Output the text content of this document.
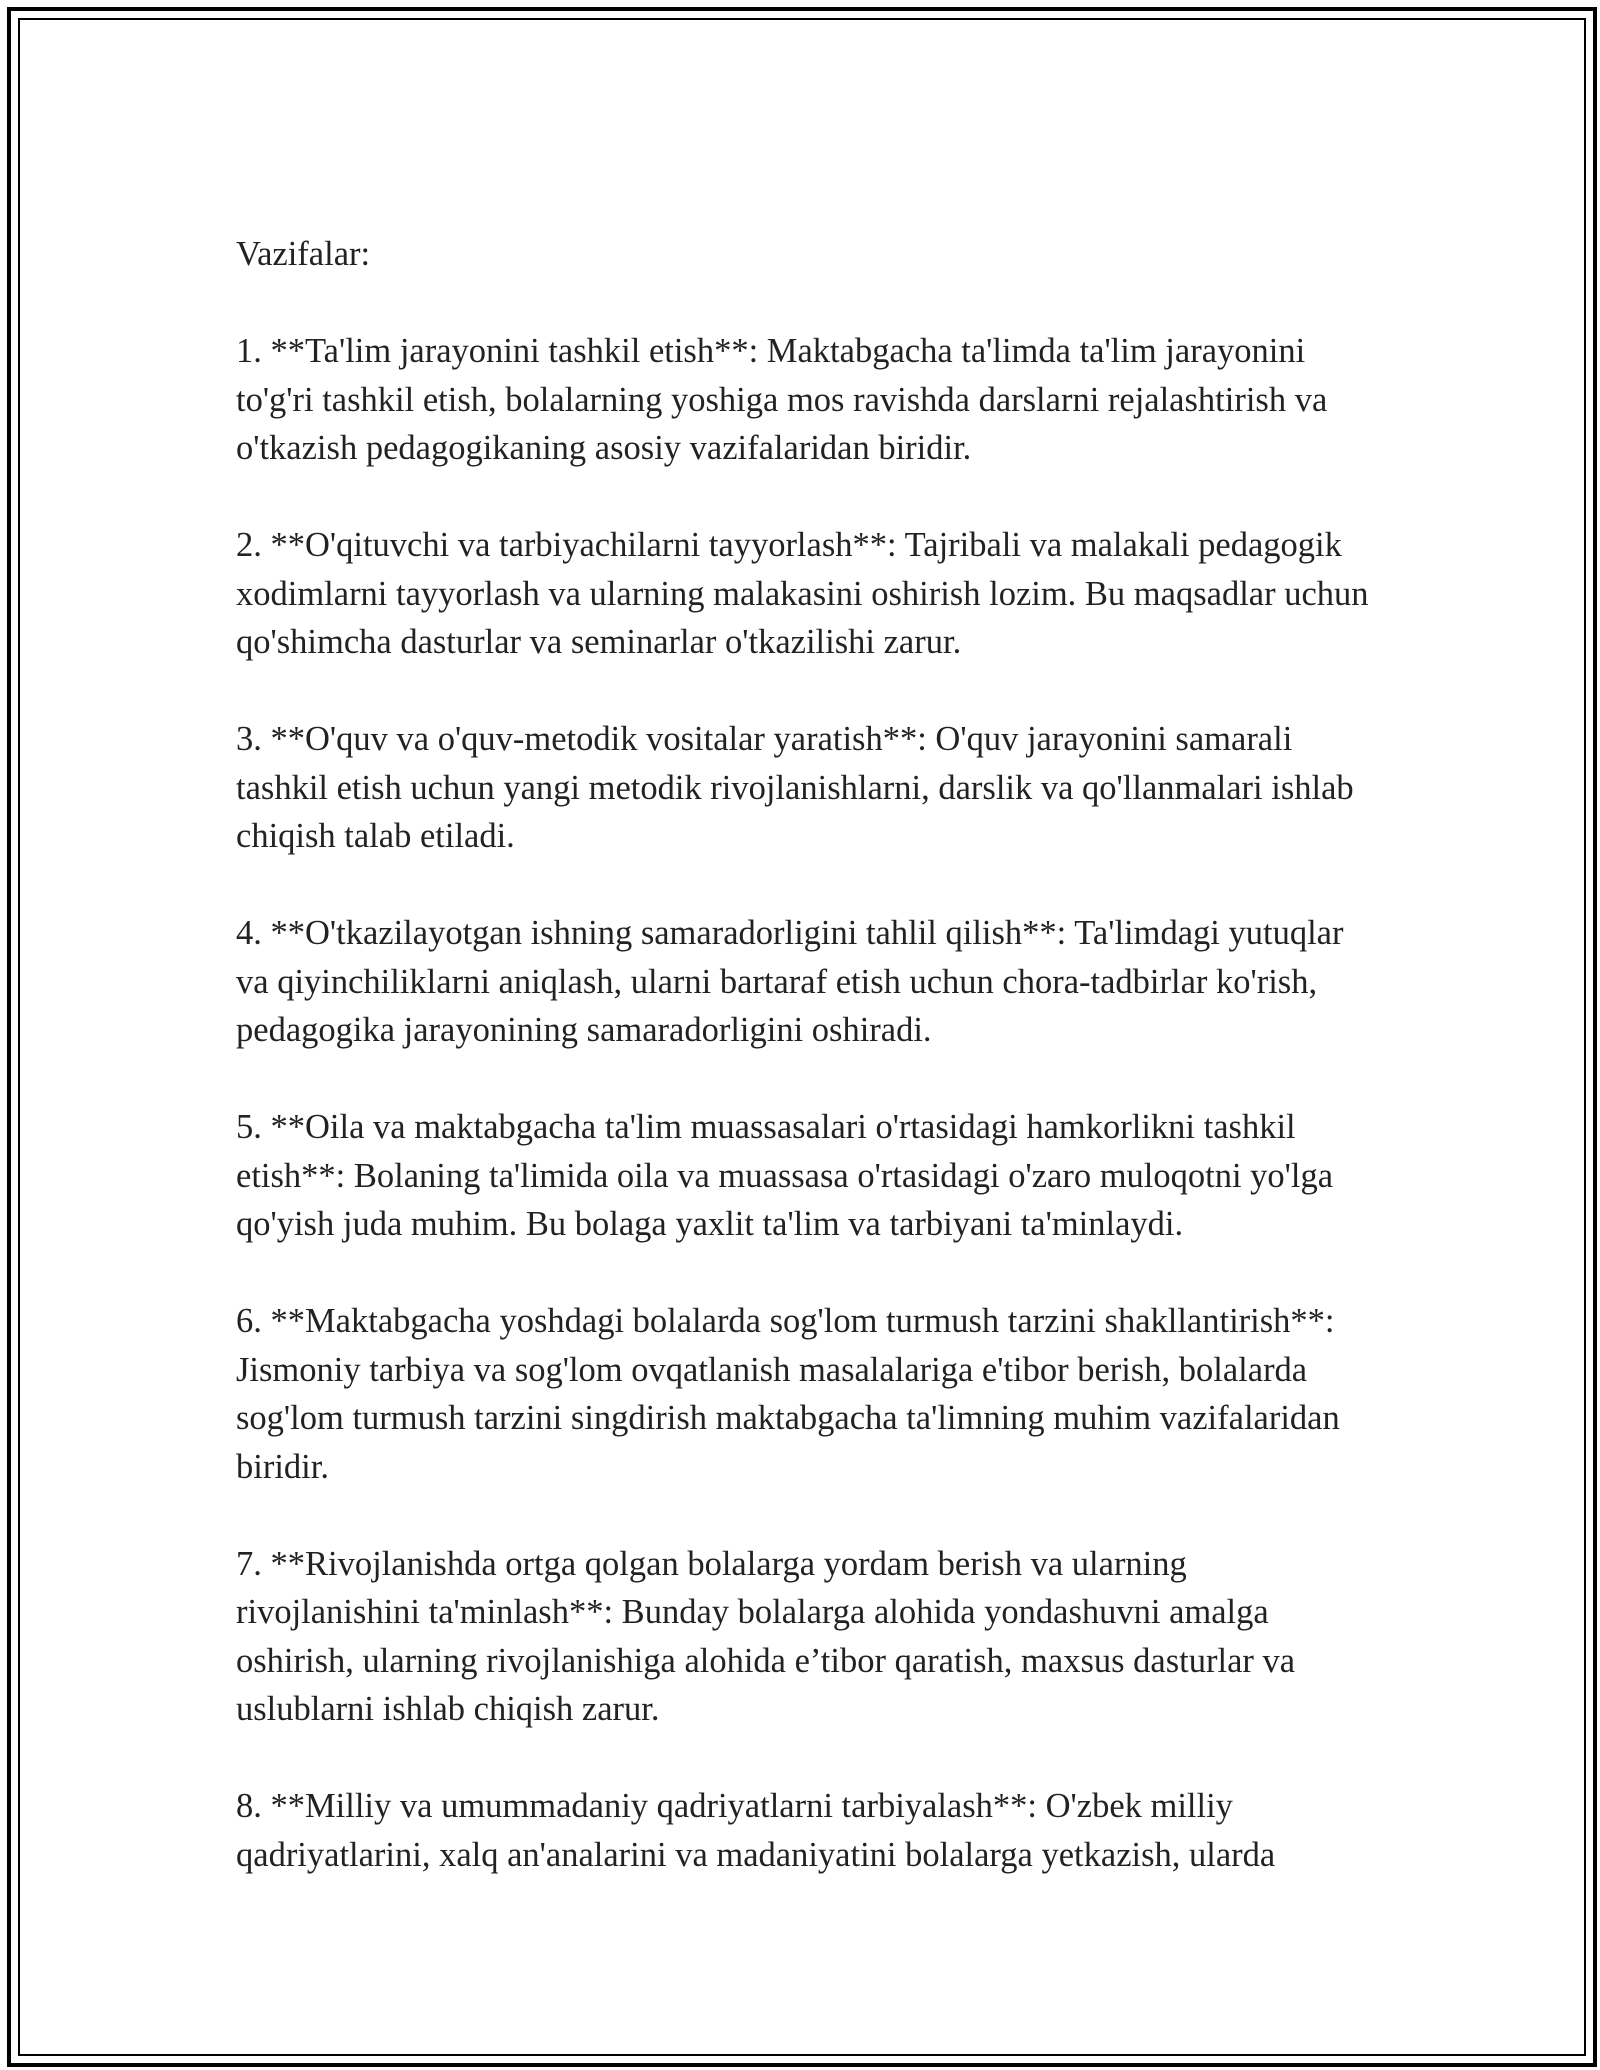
Vazifalar:

1. **Ta'lim jarayonini tashkil etish**: Maktabgacha ta'limda ta'lim jarayonini to'g'ri tashkil etish, bolalarning yoshiga mos ravishda darslarni rejalashtirish va o'tkazish pedagogikaning asosiy vazifalaridan biridir.

2. **O'qituvchi va tarbiyachilarni tayyorlash**: Tajribali va malakali pedagogik xodimlarni tayyorlash va ularning malakasini oshirish lozim. Bu maqsadlar uchun qo'shimcha dasturlar va seminarlar o'tkazilishi zarur.

3. **O'quv va o'quv-metodik vositalar yaratish**: O'quv jarayonini samarali tashkil etish uchun yangi metodik rivojlanishlarni, darslik va qo'llanmalari ishlab chiqish talab etiladi.

4. **O'tkazilayotgan ishning samaradorligini tahlil qilish**: Ta'limdagi yutuqlar va qiyinchiliklarni aniqlash, ularni bartaraf etish uchun chora-tadbirlar ko'rish, pedagogika jarayonining samaradorligini oshiradi.

5. **Oila va maktabgacha ta'lim muassasalari o'rtasidagi hamkorlikni tashkil etish**: Bolaning ta'limida oila va muassasa o'rtasidagi o'zaro muloqotni yo'lga qo'yish juda muhim. Bu bolaga yaxlit ta'lim va tarbiyani ta'minlaydi.

6. **Maktabgacha yoshdagi bolalarda sog'lom turmush tarzini shakllantirish**: Jismoniy tarbiya va sog'lom ovqatlanish masalalariga e'tibor berish, bolalarda sog'lom turmush tarzini singdirish maktabgacha ta'limning muhim vazifalaridan biridir.

7. **Rivojlanishda ortga qolgan bolalarga yordam berish va ularning rivojlanishini ta'minlash**: Bunday bolalarga alohida yondashuvni amalga oshirish, ularning rivojlanishiga alohida e’tibor qaratish, maxsus dasturlar va uslublarni ishlab chiqish zarur.

8. **Milliy va umummadaniy qadriyatlarni tarbiyalash**: O'zbek milliy qadriyatlarini, xalq an'analarini va madaniyatini bolalarga yetkazish, ularda
